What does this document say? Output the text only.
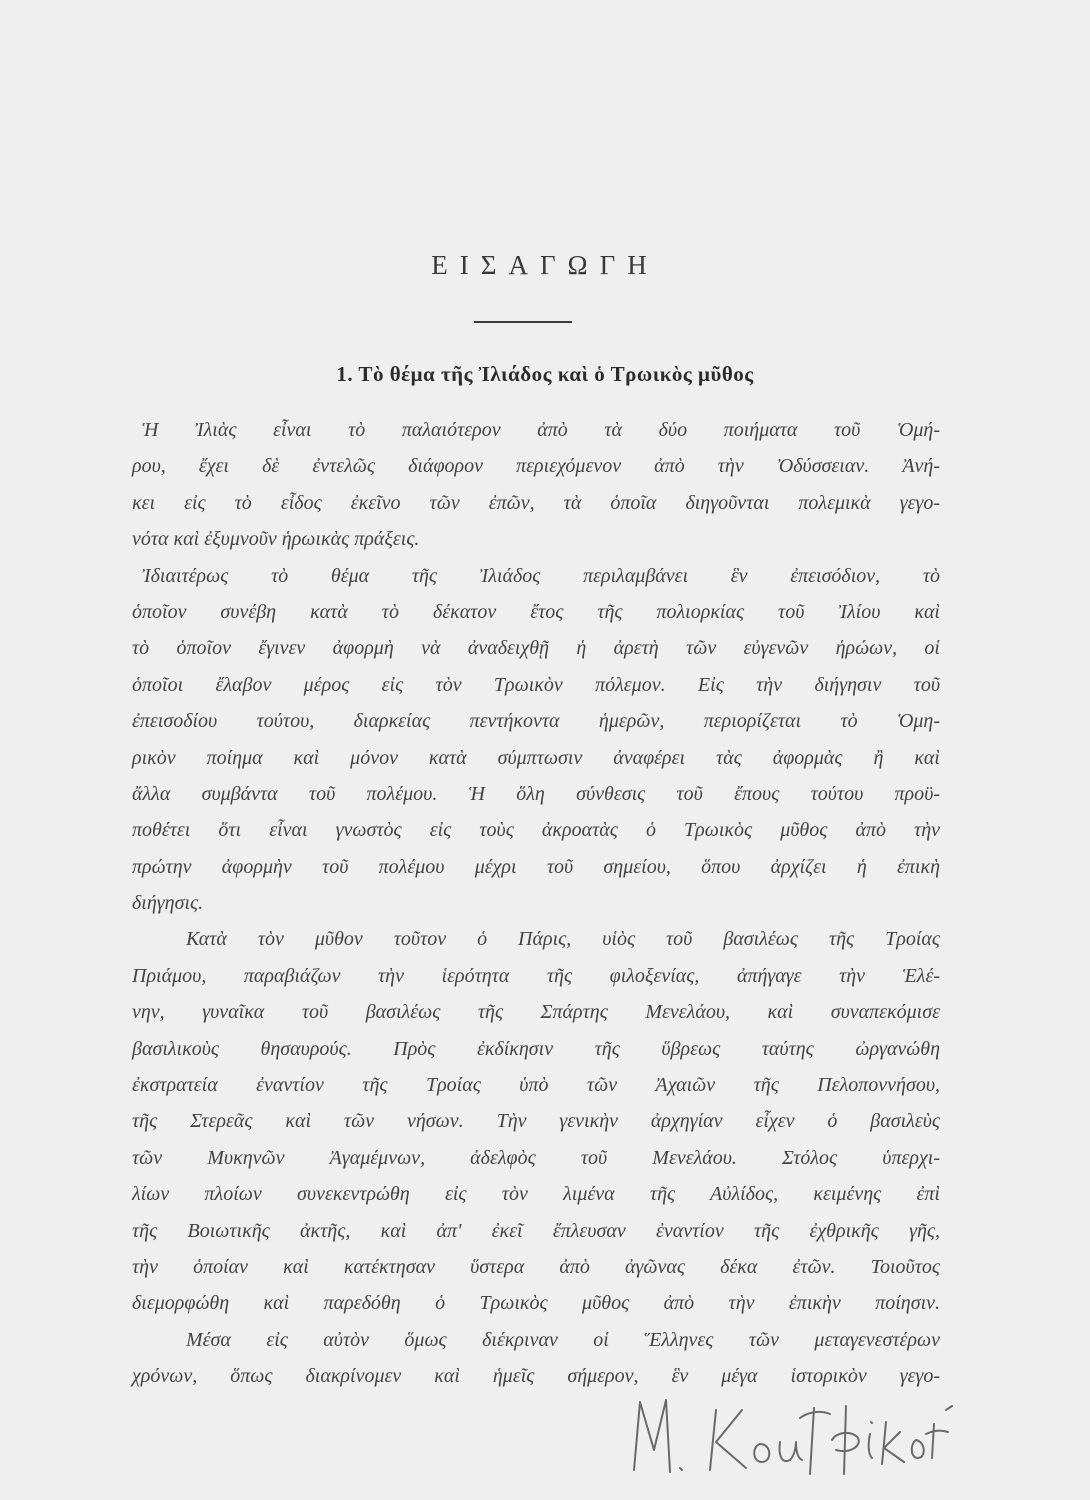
ΕΙΣΑΓΩΓΗ
1. Τὸ θέμα τῆς Ἰλιάδος καὶ ὁ Τρωικὸς μῦθος
Ἡ Ἰλιὰς εἶναι τὸ παλαιότερον ἀπὸ τὰ δύο ποιήματα τοῦ Ὁμή-
ρου, ἔχει δὲ ἐντελῶς διάφορον περιεχόμενον ἀπὸ τὴν Ὀδύσσειαν. Ἀνή-
κει εἰς τὸ εἶδος ἐκεῖνο τῶν ἐπῶν, τὰ ὁποῖα διηγοῦνται πολεμικὰ γεγο-
νότα καὶ ἐξυμνοῦν ἡρωικὰς πράξεις.
Ἰδιαιτέρως τὸ θέμα τῆς Ἰλιάδος περιλαμβάνει ἓν ἐπεισόδιον, τὸ
ὁποῖον συνέβη κατὰ τὸ δέκατον ἔτος τῆς πολιορκίας τοῦ Ἰλίου καὶ
τὸ ὁποῖον ἔγινεν ἀφορμὴ νὰ ἀναδειχθῇ ἡ ἀρετὴ τῶν εὐγενῶν ἡρώων, οἱ
ὁποῖοι ἔλαβον μέρος εἰς τὸν Τρωικὸν πόλεμον. Εἰς τὴν διήγησιν τοῦ
ἐπεισοδίου τούτου, διαρκείας πεντήκοντα ἡμερῶν, περιορίζεται τὸ Ὁμη-
ρικὸν ποίημα καὶ μόνον κατὰ σύμπτωσιν ἀναφέρει τὰς ἀφορμὰς ἢ καὶ
ἄλλα συμβάντα τοῦ πολέμου. Ἡ ὅλη σύνθεσις τοῦ ἔπους τούτου προϋ-
ποθέτει ὅτι εἶναι γνωστὸς εἰς τοὺς ἀκροατὰς ὁ Τρωικὸς μῦθος ἀπὸ τὴν
πρώτην ἀφορμὴν τοῦ πολέμου μέχρι τοῦ σημείου, ὅπου ἀρχίζει ἡ ἐπικὴ
διήγησις.
Κατὰ τὸν μῦθον τοῦτον ὁ Πάρις, υἱὸς τοῦ βασιλέως τῆς Τροίας
Πριάμου, παραβιάζων τὴν ἱερότητα τῆς φιλοξενίας, ἀπήγαγε τὴν Ἑλέ-
νην, γυναῖκα τοῦ βασιλέως τῆς Σπάρτης Μενελάου, καὶ συναπεκόμισε
βασιλικοὺς θησαυρούς. Πρὸς ἐκδίκησιν τῆς ὕβρεως ταύτης ὠργανώθη
ἐκστρατεία ἐναντίον τῆς Τροίας ὑπὸ τῶν Ἀχαιῶν τῆς Πελοποννήσου,
τῆς Στερεᾶς καὶ τῶν νήσων. Τὴν γενικὴν ἀρχηγίαν εἶχεν ὁ βασιλεὺς
τῶν Μυκηνῶν Ἀγαμέμνων, ἀδελφὸς τοῦ Μενελάου. Στόλος ὑπερχι-
λίων πλοίων συνεκεντρώθη εἰς τὸν λιμένα τῆς Αὐλίδος, κειμένης ἐπὶ
τῆς Βοιωτικῆς ἀκτῆς, καὶ ἀπ' ἐκεῖ ἔπλευσαν ἐναντίον τῆς ἐχθρικῆς γῆς,
τὴν ὁποίαν καὶ κατέκτησαν ὕστερα ἀπὸ ἀγῶνας δέκα ἐτῶν. Τοιοῦτος
διεμορφώθη καὶ παρεδόθη ὁ Τρωικὸς μῦθος ἀπὸ τὴν ἐπικὴν ποίησιν.
Μέσα εἰς αὐτὸν ὅμως διέκριναν οἱ Ἕλληνες τῶν μεταγενεστέρων
χρόνων, ὅπως διακρίνομεν καὶ ἡμεῖς σήμερον, ἓν μέγα ἱστορικὸν γεγο-
